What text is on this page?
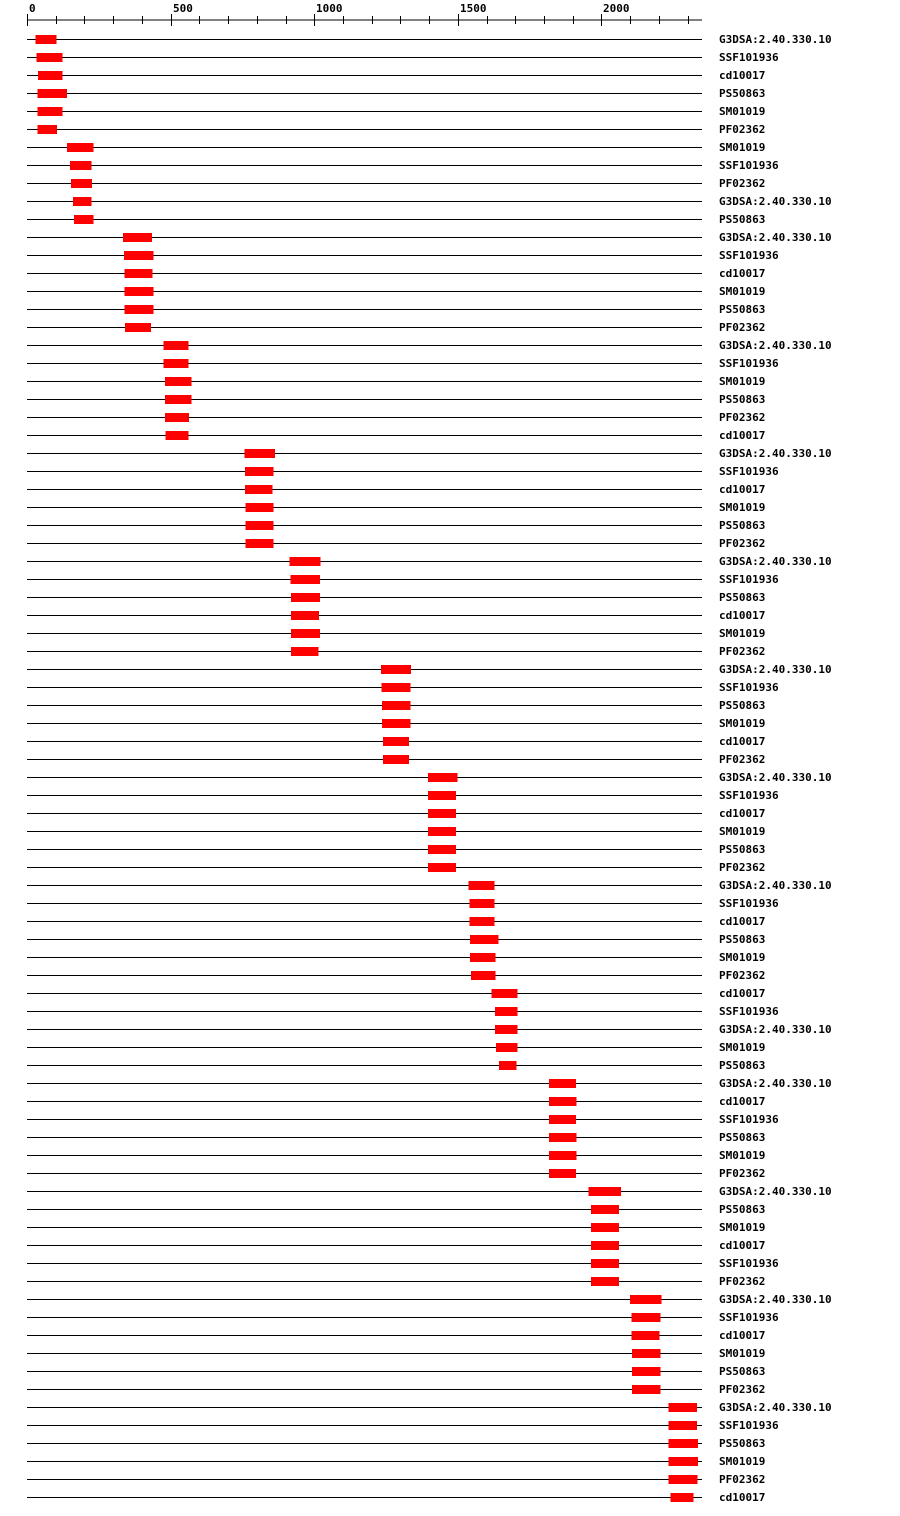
0	500	1000	1500	2000
G3DSA:2.40.330.10
SSF101936
cd10017
PS50863
SM01019
PF02362
SM01019
SSF101936
PF02362
G3DSA:2.40.330.10
PS50863
G3DSA:2.40.330.10
SSF101936
cd10017
SM01019
PS50863
PF02362
G3DSA:2.40.330.10
SSF101936
SM01019
PS50863
PF02362
cd10017
G3DSA:2.40.330.10
SSF101936
cd10017
SM01019
PS50863
PF02362
G3DSA:2.40.330.10
SSF101936
PS50863
cd10017
SM01019
PF02362
G3DSA:2.40.330.10
SSF101936
PS50863
SM01019
cd10017
PF02362
G3DSA:2.40.330.10
SSF101936
cd10017
SM01019
PS50863
PF02362
G3DSA:2.40.330.10
SSF101936
cd10017
PS50863
SM01019
PF02362
cd10017
SSF101936
G3DSA:2.40.330.10
SM01019
PS50863
G3DSA:2.40.330.10
cd10017
SSF101936
PS50863
SM01019
PF02362
G3DSA:2.40.330.10
PS50863
SM01019
cd10017
SSF101936
PF02362
G3DSA:2.40.330.10
SSF101936
cd10017
SM01019
PS50863
PF02362
G3DSA:2.40.330.10
SSF101936
PS50863
SM01019
PF02362
cd10017
